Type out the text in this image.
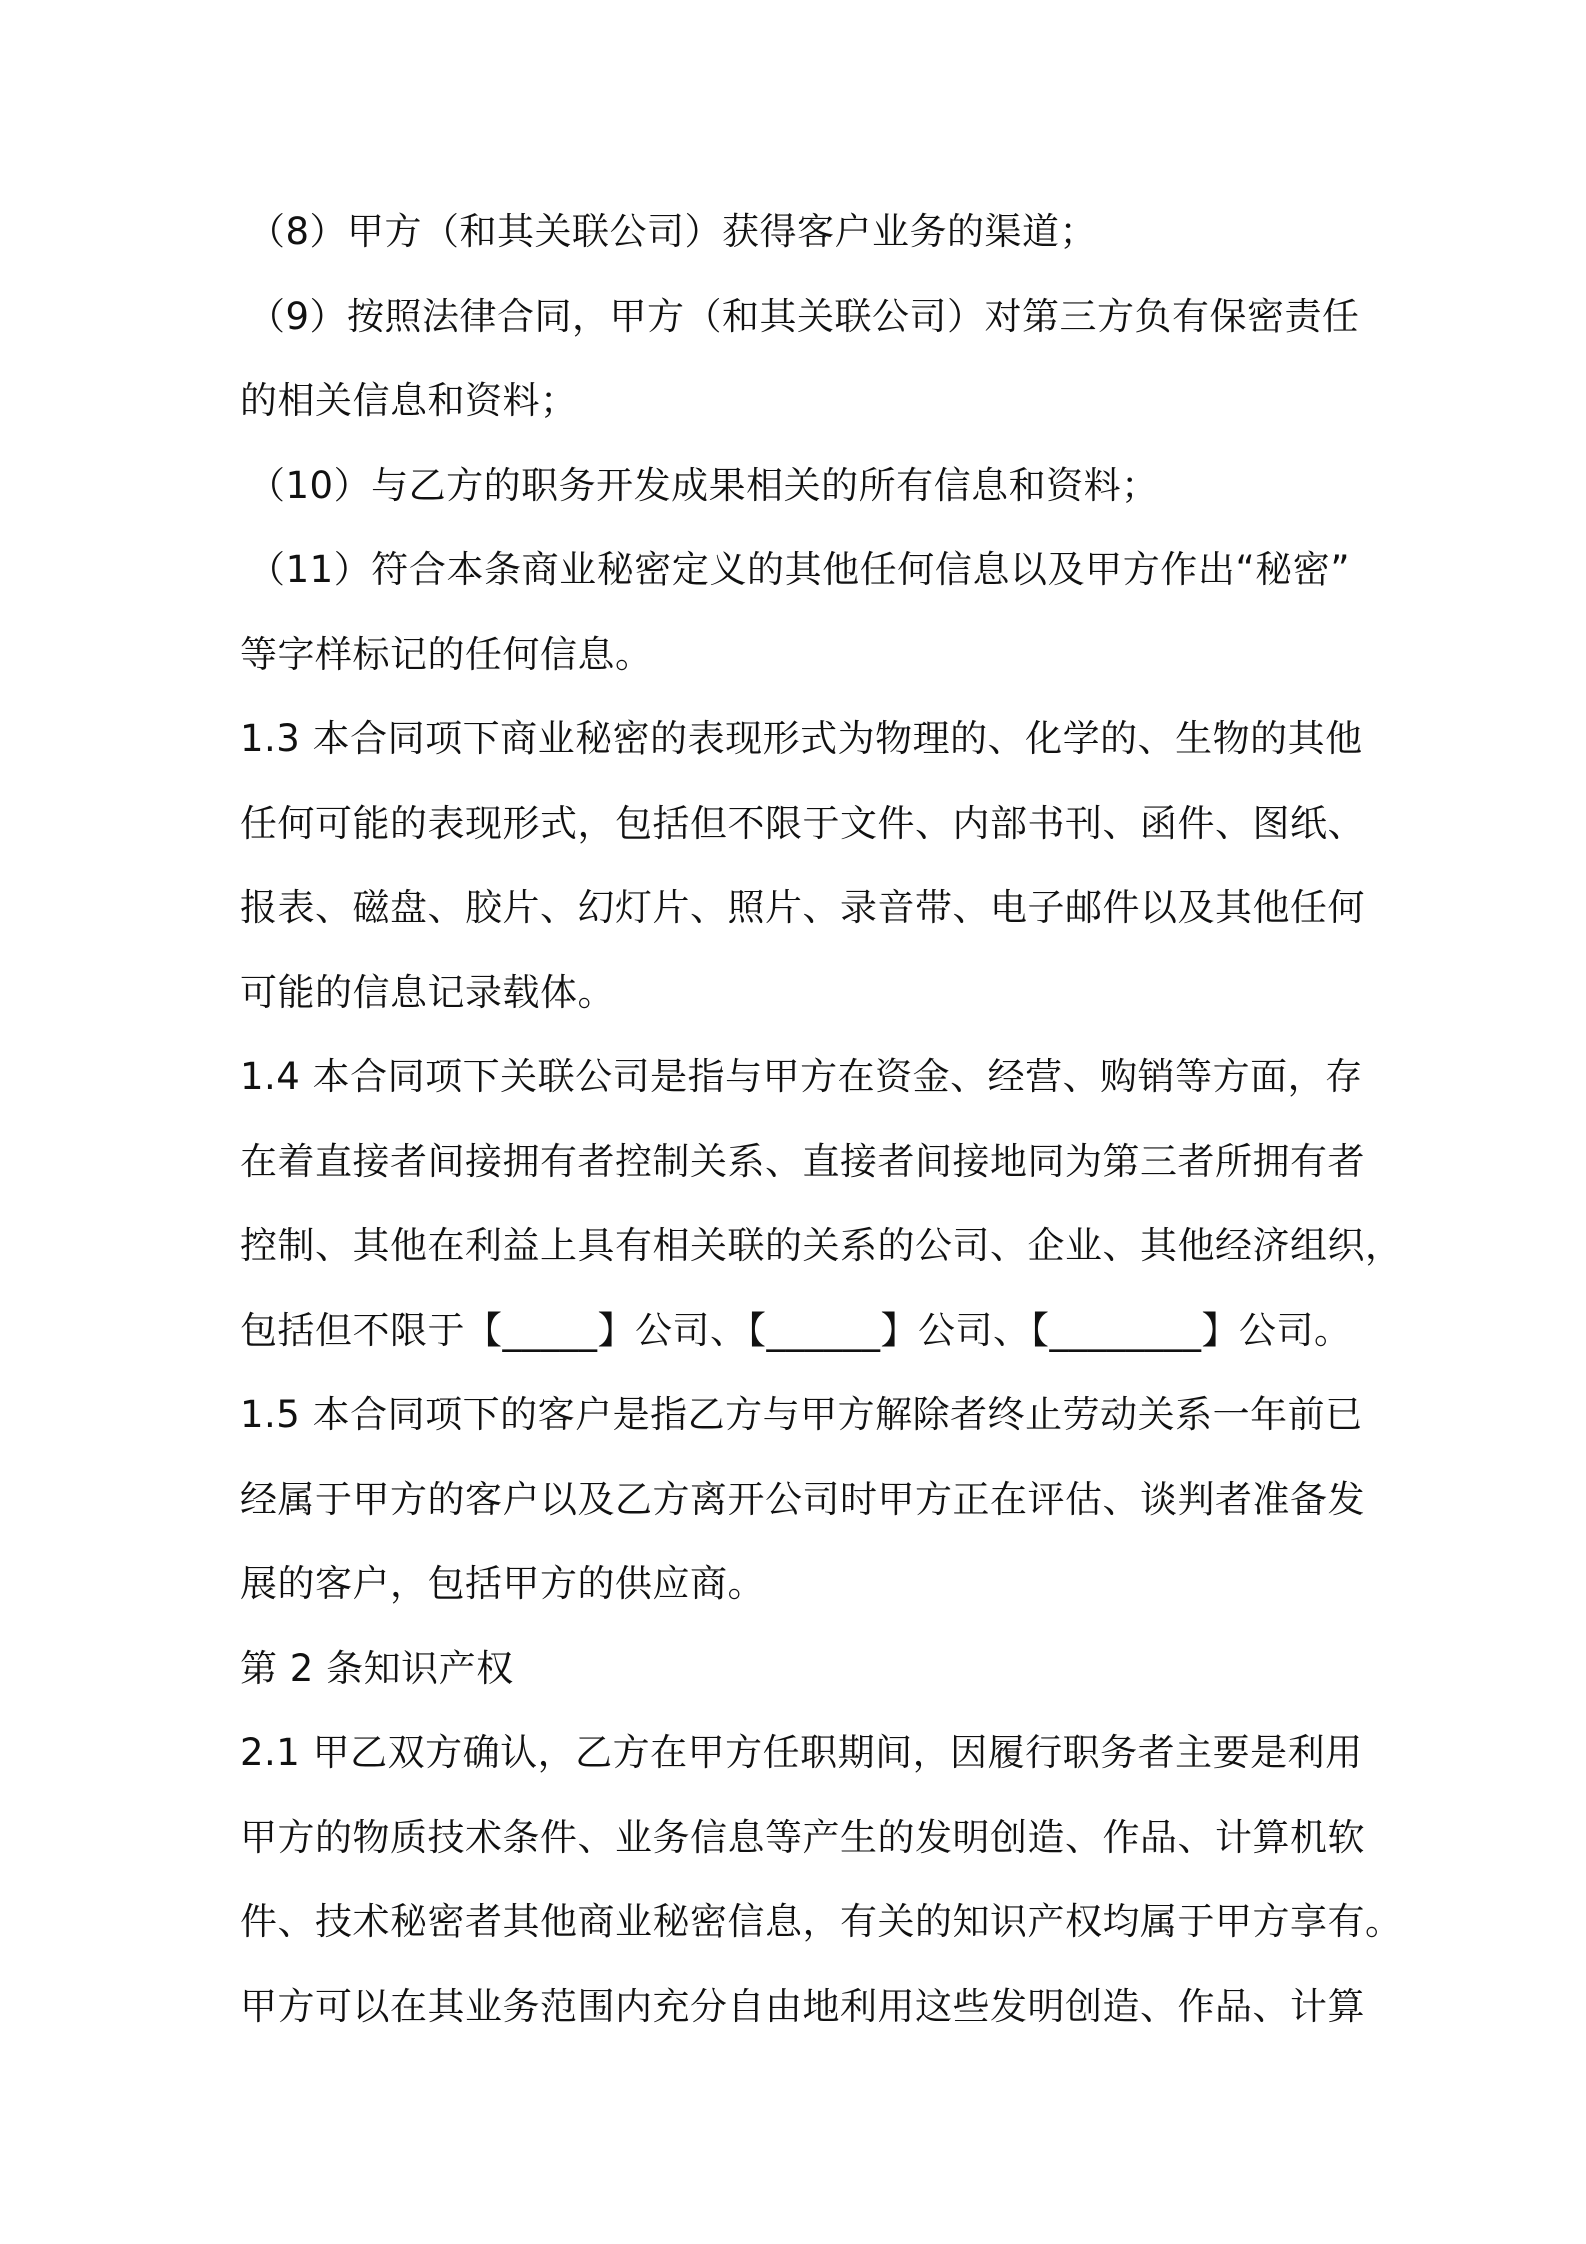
（8）甲方（和其关联公司）获得客户业务的渠道；
（9）按照法律合同，甲方（和其关联公司）对第三方负有保密责任
的相关信息和资料；
（10）与乙方的职务开发成果相关的所有信息和资料；
（11）符合本条商业秘密定义的其他任何信息以及甲方作出“秘密”
等字样标记的任何信息。
1.3 本合同项下商业秘密的表现形式为物理的、化学的、生物的其他
任何可能的表现形式，包括但不限于文件、内部书刊、函件、图纸、
报表、磁盘、胶片、幻灯片、照片、录音带、电子邮件以及其他任何
可能的信息记录载体。
1.4 本合同项下关联公司是指与甲方在资金、经营、购销等方面，存
在着直接者间接拥有者控制关系、直接者间接地同为第三者所拥有者
控制、其他在利益上具有相关联的关系的公司、企业、其他经济组织，
包括但不限于【_____】公司、【______】公司、【________】公司。
1.5 本合同项下的客户是指乙方与甲方解除者终止劳动关系一年前已
经属于甲方的客户以及乙方离开公司时甲方正在评估、谈判者准备发
展的客户，包括甲方的供应商。
第 2 条知识产权
2.1 甲乙双方确认，乙方在甲方任职期间，因履行职务者主要是利用
甲方的物质技术条件、业务信息等产生的发明创造、作品、计算机软
件、技术秘密者其他商业秘密信息，有关的知识产权均属于甲方享有。
甲方可以在其业务范围内充分自由地利用这些发明创造、作品、计算
